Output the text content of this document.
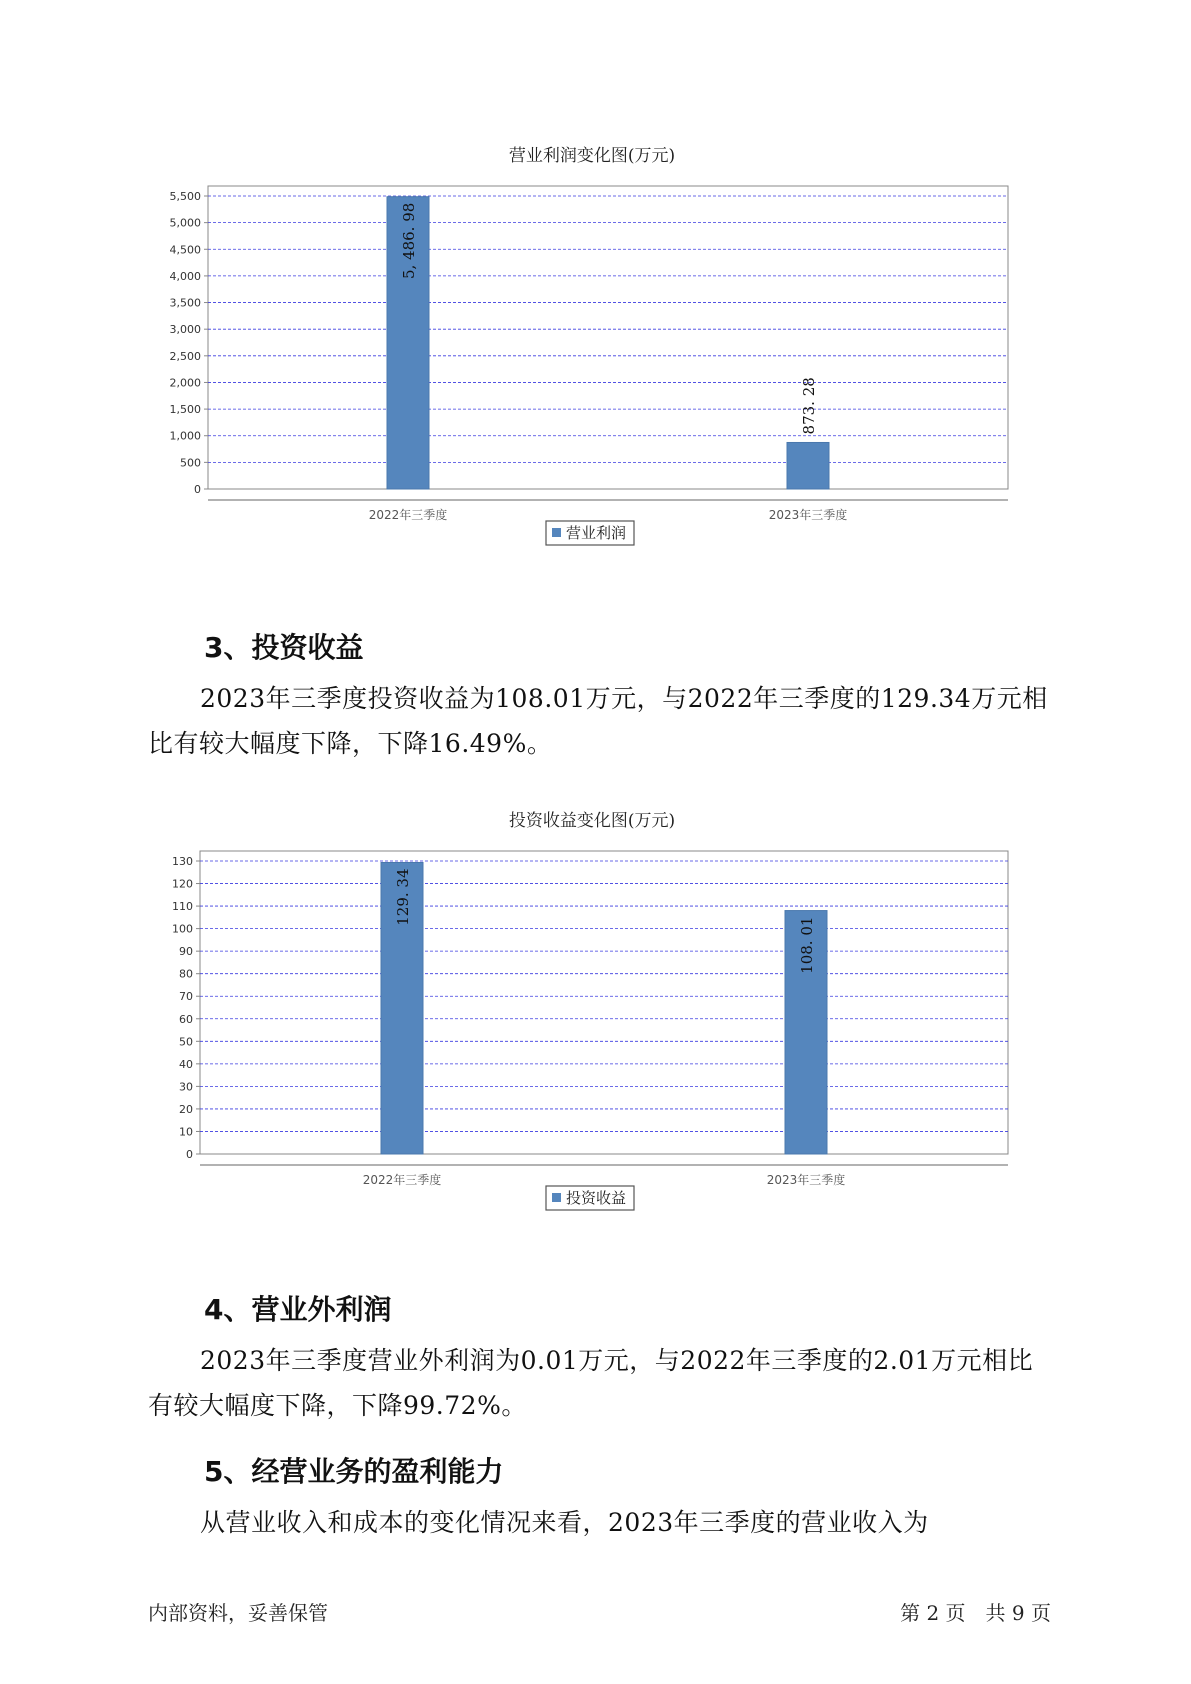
营业利润变化图(万元)
0
500
1,000
1,500
2,000
2,500
3,000
3,500
4,000
4,500
5,000
5,500
2022年三季度
5, 486. 98
2023年三季度
873. 28
营业利润
3、投资收益

2023年三季度投资收益为108.01万元，与2022年三季度的129.34万元相比有较大幅度下降，下降16.49%。

投资收益变化图(万元)
0
10
20
30
40
50
60
70
80
90
100
110
120
130
2022年三季度
129. 34
2023年三季度
108. 01
投资收益
4、营业外利润

2023年三季度营业外利润为0.01万元，与2022年三季度的2.01万元相比有较大幅度下降，下降99.72%。

5、经营业务的盈利能力

从营业收入和成本的变化情况来看，2023年三季度的营业收入为

内部资料，妥善保管	第 2 页　共 9 页
